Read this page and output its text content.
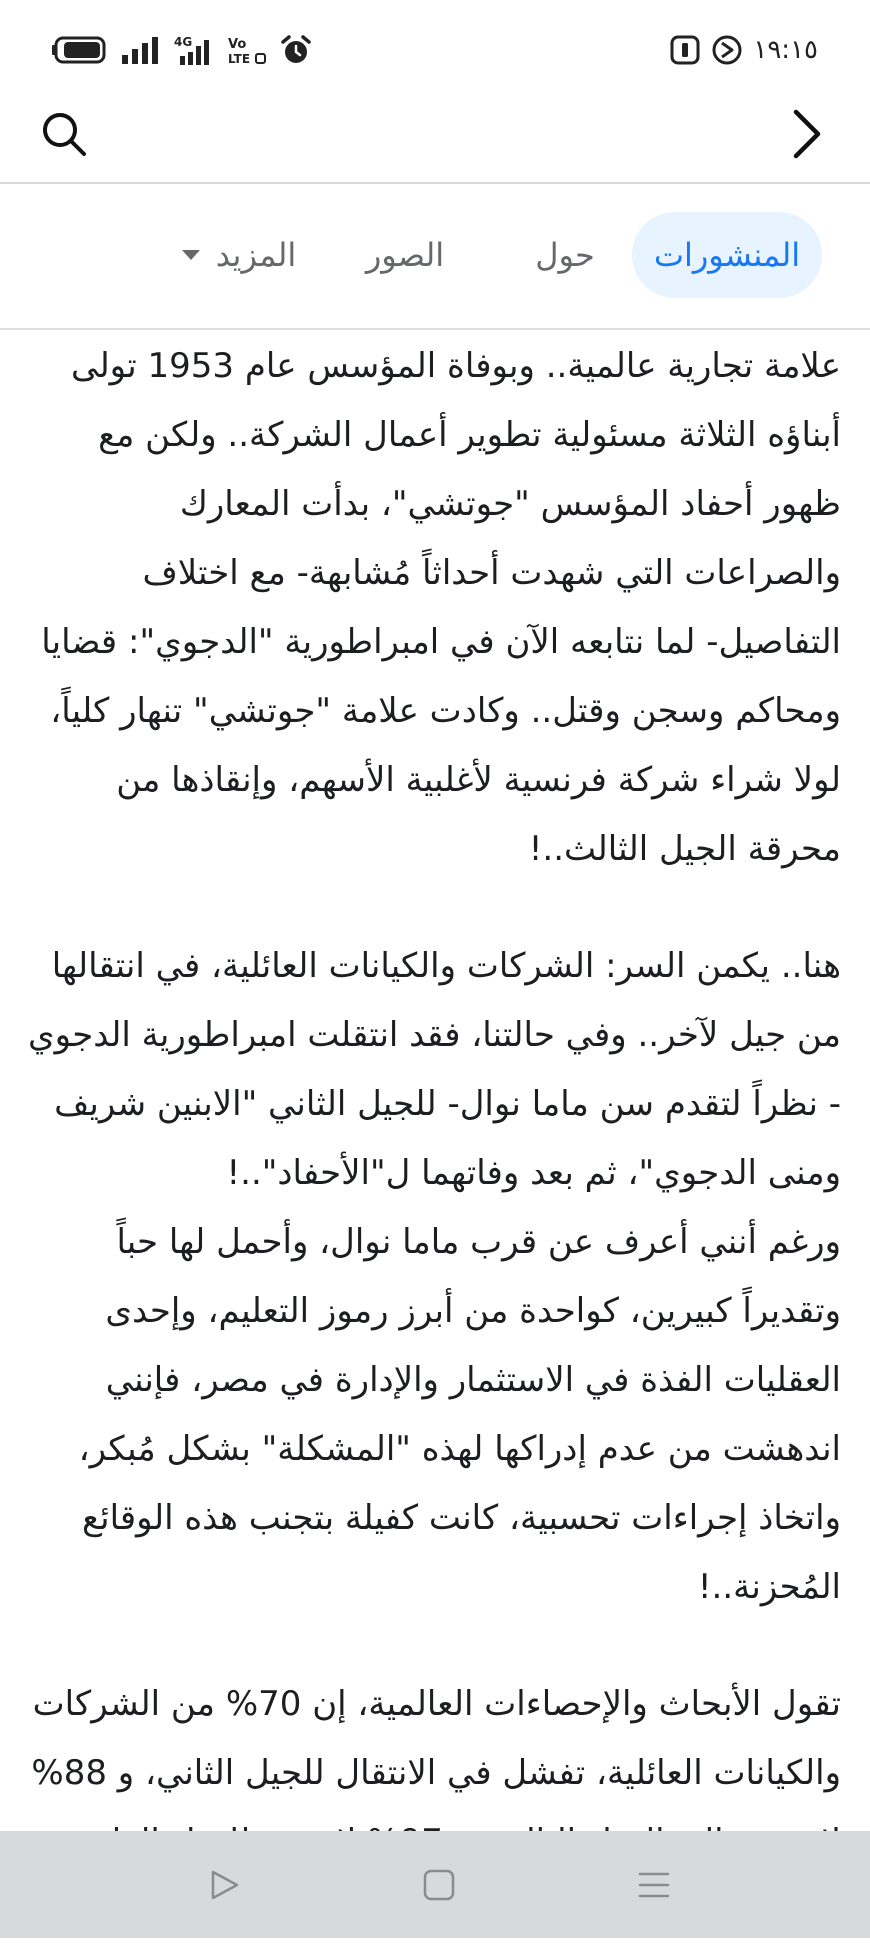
4G	Vo
LTE	١٩:١٥
المنشورات
حول
الصور
المزيد

علامة تجارية عالمية.. وبوفاة المؤسس عام 1953 تولى أبناؤه الثلاثة مسئولية تطوير أعمال الشركة.. ولكن مع ظهور أحفاد المؤسس "جوتشي"، بدأت المعارك والصراعات التي شهدت أحداثاً مُشابهة- مع اختلاف التفاصيل- لما نتابعه الآن في امبراطورية "الدجوي": قضايا ومحاكم وسجن وقتل.. وكادت علامة "جوتشي" تنهار كلياً، لولا شراء شركة فرنسية لأغلبية الأسهم، وإنقاذها من محرقة الجيل الثالث..!

هنا.. يكمن السر: الشركات والكيانات العائلية، في انتقالها من جيل لآخر.. وفي حالتنا، فقد انتقلت امبراطورية الدجوي - نظراً لتقدم سن ماما نوال- للجيل الثاني "الابنين شريف ومنى الدجوي"، ثم بعد وفاتهما ل"الأحفاد"..!

ورغم أنني أعرف عن قرب ماما نوال، وأحمل لها حباً وتقديراً كبيرين، كواحدة من أبرز رموز التعليم، وإحدى العقليات الفذة في الاستثمار والإدارة في مصر، فإنني اندهشت من عدم إدراكها لهذه "المشكلة" بشكل مُبكر، واتخاذ إجراءات تحسبية، كانت كفيلة بتجنب هذه الوقائع المُحزنة..!

تقول الأبحاث والإحصاءات العالمية، إن 70% من الشركات والكيانات العائلية، تفشل في الانتقال للجيل الثاني، و 88%
